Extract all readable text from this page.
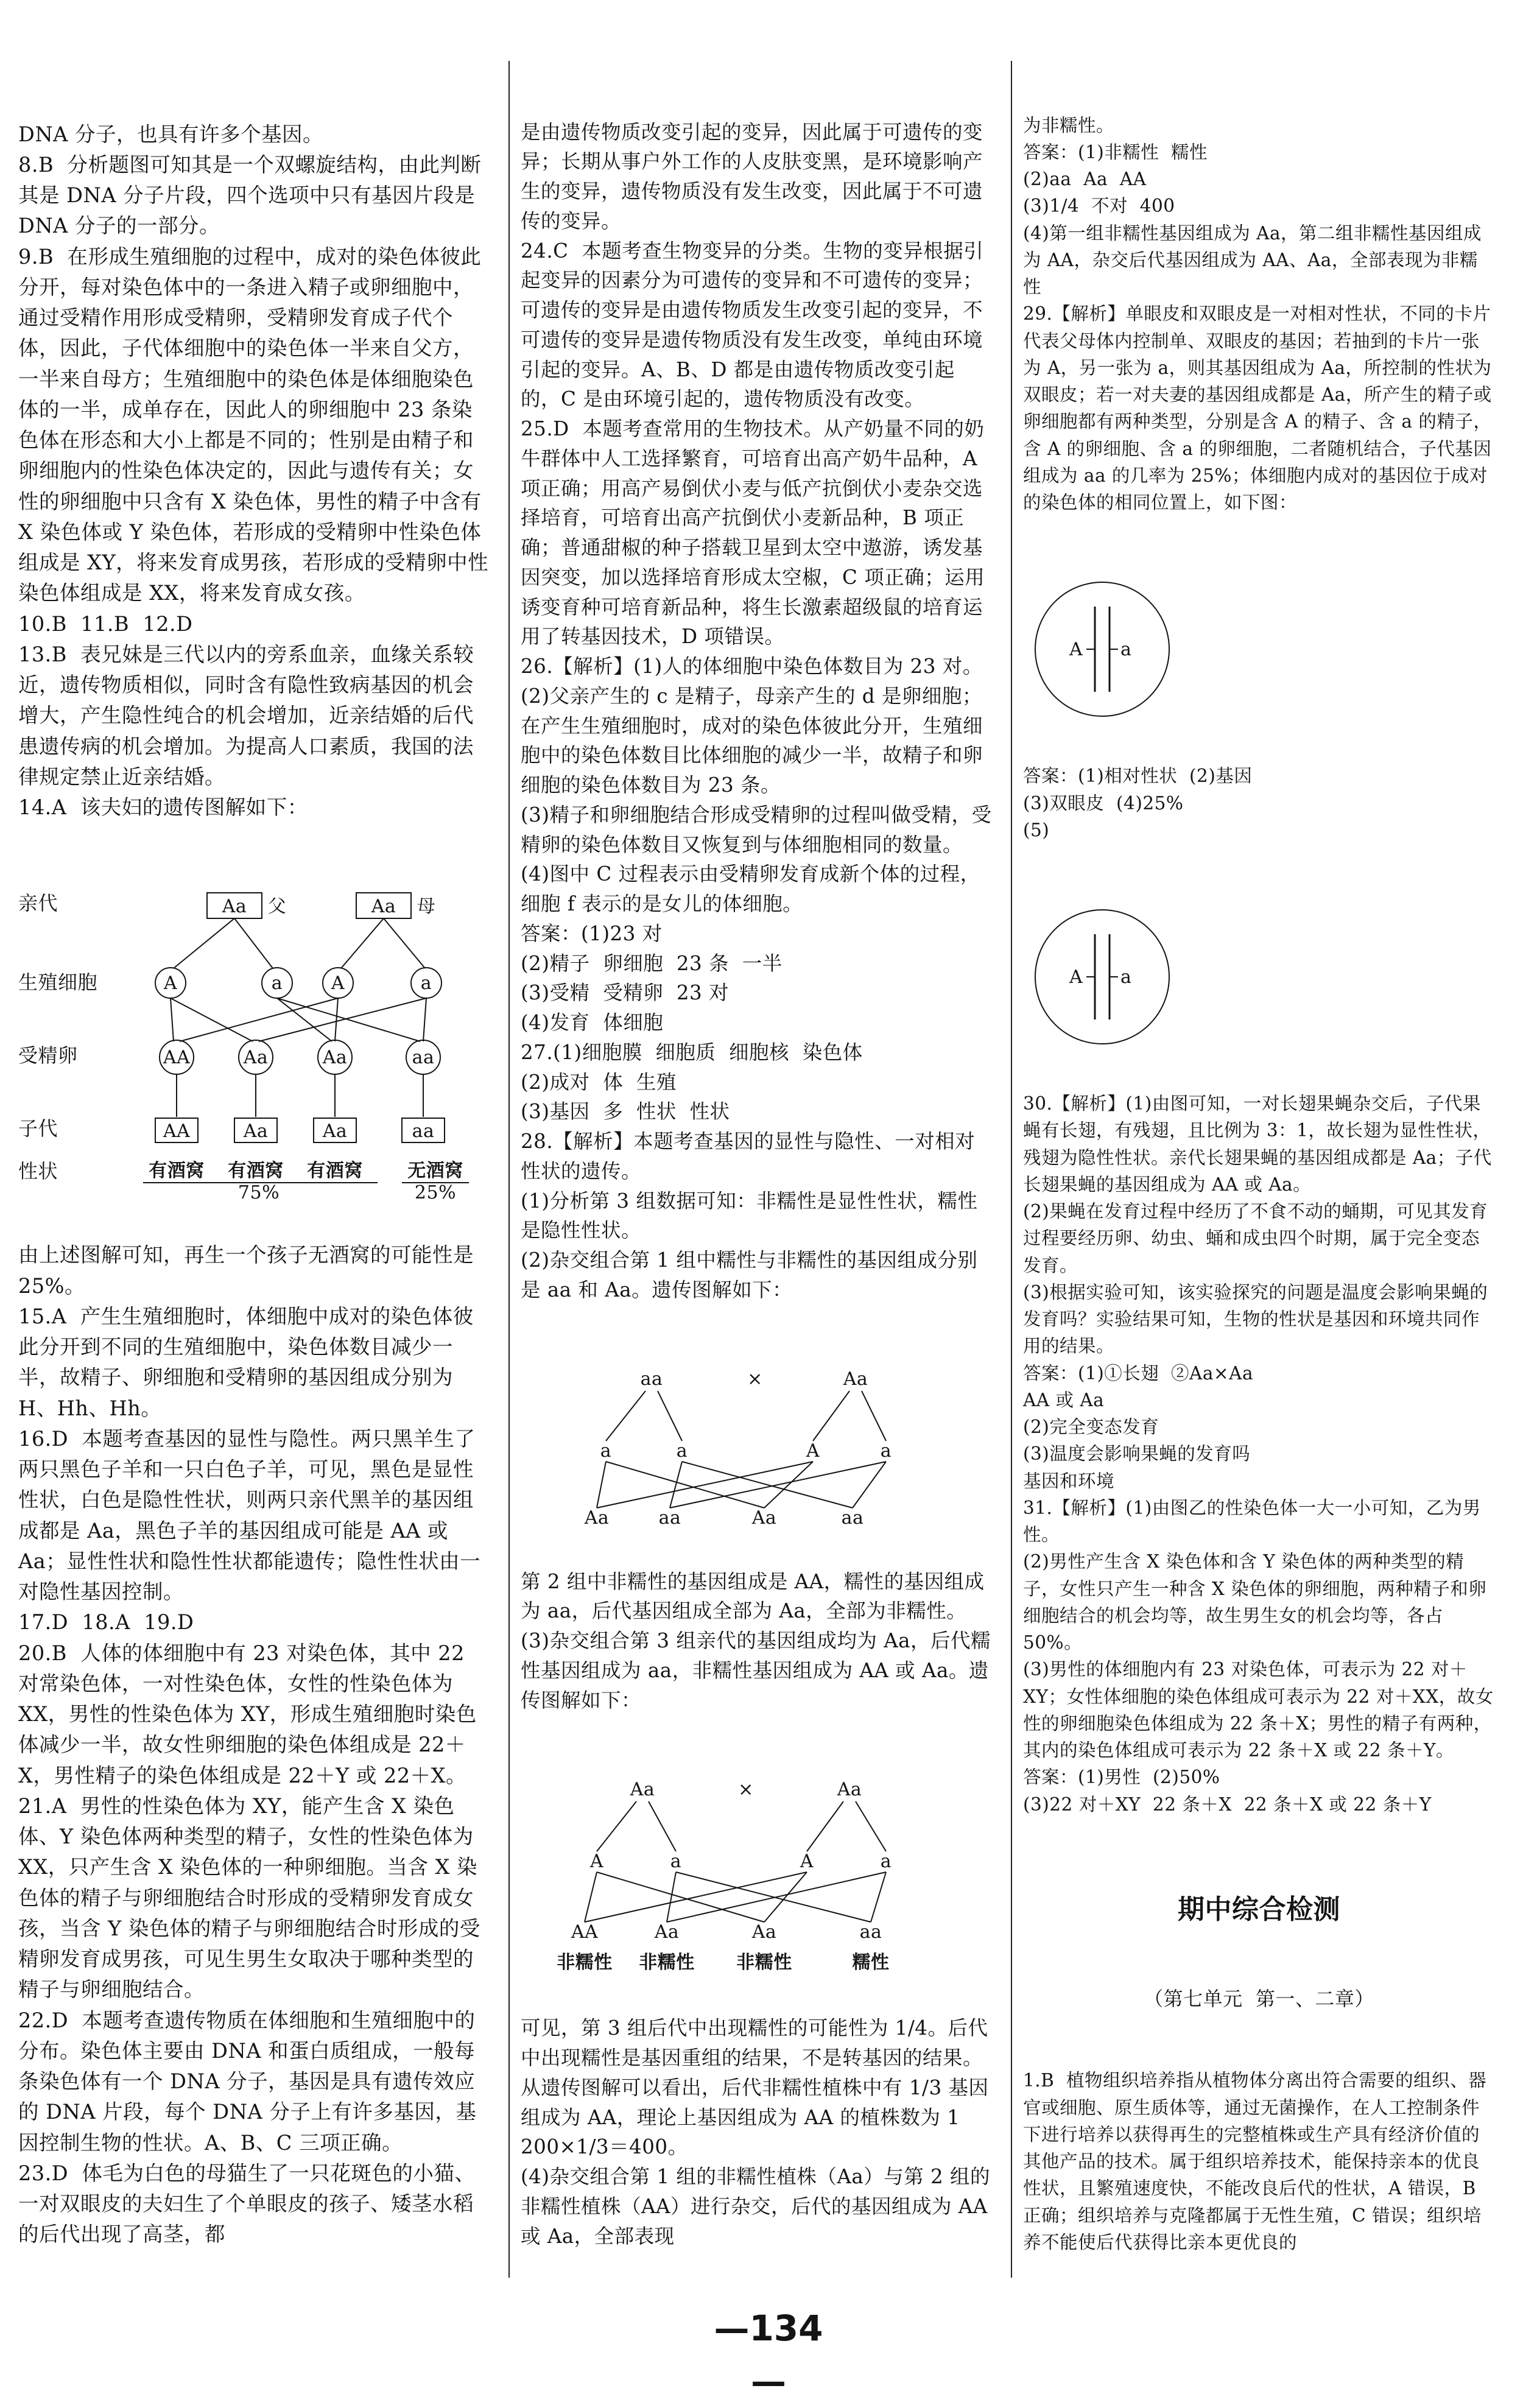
DNA 分子，也具有许多个基因。
8.B  分析题图可知其是一个双螺旋结构，由此判断其是 DNA 分子片段，四个选项中只有基因片段是 DNA 分子的一部分。
9.B  在形成生殖细胞的过程中，成对的染色体彼此分开，每对染色体中的一条进入精子或卵细胞中，通过受精作用形成受精卵，受精卵发育成子代个体，因此，子代体细胞中的染色体一半来自父方，一半来自母方；生殖细胞中的染色体是体细胞染色体的一半，成单存在，因此人的卵细胞中 23 条染色体在形态和大小上都是不同的；性别是由精子和卵细胞内的性染色体决定的，因此与遗传有关；女性的卵细胞中只含有 X 染色体，男性的精子中含有 X 染色体或 Y 染色体，若形成的受精卵中性染色体组成是 XY，将来发育成男孩，若形成的受精卵中性染色体组成是 XX，将来发育成女孩。
10.B  11.B  12.D
13.B  表兄妹是三代以内的旁系血亲，血缘关系较近，遗传物质相似，同时含有隐性致病基因的机会增大，产生隐性纯合的机会增加，近亲结婚的后代患遗传病的机会增加。为提高人口素质，我国的法律规定禁止近亲结婚。
14.A  该夫妇的遗传图解如下：

亲代
生殖细胞
受精卵
子代
性状
Aa 父	Aa 母
A	a	A	a
AA	Aa	Aa	aa
AA	Aa	Aa	aa
有酒窝 有酒窝 有酒窝 无酒窝
75%	25%

由上述图解可知，再生一个孩子无酒窝的可能性是 25%。
15.A  产生生殖细胞时，体细胞中成对的染色体彼此分开到不同的生殖细胞中，染色体数目减少一半，故精子、卵细胞和受精卵的基因组成分别为 H、Hh、Hh。
16.D  本题考查基因的显性与隐性。两只黑羊生了两只黑色子羊和一只白色子羊，可见，黑色是显性性状，白色是隐性性状，则两只亲代黑羊的基因组成都是 Aa，黑色子羊的基因组成可能是 AA 或 Aa；显性性状和隐性性状都能遗传；隐性性状由一对隐性基因控制。
17.D  18.A  19.D
20.B  人体的体细胞中有 23 对染色体，其中 22 对常染色体，一对性染色体，女性的性染色体为 XX，男性的性染色体为 XY，形成生殖细胞时染色体减少一半，故女性卵细胞的染色体组成是 22＋X，男性精子的染色体组成是 22＋Y 或 22＋X。
21.A  男性的性染色体为 XY，能产生含 X 染色体、Y 染色体两种类型的精子，女性的性染色体为 XX，只产生含 X 染色体的一种卵细胞。当含 X 染色体的精子与卵细胞结合时形成的受精卵发育成女孩，当含 Y 染色体的精子与卵细胞结合时形成的受精卵发育成男孩，可见生男生女取决于哪种类型的精子与卵细胞结合。
22.D  本题考查遗传物质在体细胞和生殖细胞中的分布。染色体主要由 DNA 和蛋白质组成，一般每条染色体有一个 DNA 分子，基因是具有遗传效应的 DNA 片段，每个 DNA 分子上有许多基因，基因控制生物的性状。A、B、C 三项正确。
23.D  体毛为白色的母猫生了一只花斑色的小猫、一对双眼皮的夫妇生了个单眼皮的孩子、矮茎水稻的后代出现了高茎，都

是由遗传物质改变引起的变异，因此属于可遗传的变异；长期从事户外工作的人皮肤变黑，是环境影响产生的变异，遗传物质没有发生改变，因此属于不可遗传的变异。
24.C  本题考查生物变异的分类。生物的变异根据引起变异的因素分为可遗传的变异和不可遗传的变异；可遗传的变异是由遗传物质发生改变引起的变异，不可遗传的变异是遗传物质没有发生改变，单纯由环境引起的变异。A、B、D 都是由遗传物质改变引起的，C 是由环境引起的，遗传物质没有改变。
25.D  本题考查常用的生物技术。从产奶量不同的奶牛群体中人工选择繁育，可培育出高产奶牛品种，A 项正确；用高产易倒伏小麦与低产抗倒伏小麦杂交选择培育，可培育出高产抗倒伏小麦新品种，B 项正确；普通甜椒的种子搭载卫星到太空中遨游，诱发基因突变，加以选择培育形成太空椒，C 项正确；运用诱变育种可培育新品种，将生长激素超级鼠的培育运用了转基因技术，D 项错误。
26.【解析】(1)人的体细胞中染色体数目为 23 对。
(2)父亲产生的 c 是精子，母亲产生的 d 是卵细胞；在产生生殖细胞时，成对的染色体彼此分开，生殖细胞中的染色体数目比体细胞的减少一半，故精子和卵细胞的染色体数目为 23 条。
(3)精子和卵细胞结合形成受精卵的过程叫做受精，受精卵的染色体数目又恢复到与体细胞相同的数量。
(4)图中 C 过程表示由受精卵发育成新个体的过程，细胞 f 表示的是女儿的体细胞。
答案：(1)23 对
(2)精子  卵细胞  23 条  一半
(3)受精  受精卵  23 对
(4)发育  体细胞
27.(1)细胞膜  细胞质  细胞核  染色体
(2)成对  体  生殖
(3)基因  多  性状  性状
28.【解析】本题考查基因的显性与隐性、一对相对性状的遗传。
(1)分析第 3 组数据可知：非糯性是显性性状，糯性是隐性性状。
(2)杂交组合第 1 组中糯性与非糯性的基因组成分别是 aa 和 Aa。遗传图解如下：

aa	×	Aa
a	a	A	a
Aa	aa	Aa	aa

第 2 组中非糯性的基因组成是 AA，糯性的基因组成为 aa，后代基因组成全部为 Aa，全部为非糯性。
(3)杂交组合第 3 组亲代的基因组成均为 Aa，后代糯性基因组成为 aa，非糯性基因组成为 AA 或 Aa。遗传图解如下：

Aa	×	Aa
A	a	A	a
AA	Aa	Aa	aa
非糯性 非糯性 非糯性	糯性

可见，第 3 组后代中出现糯性的可能性为 1/4。后代中出现糯性是基因重组的结果，不是转基因的结果。从遗传图解可以看出，后代非糯性植株中有 1/3 基因组成为 AA，理论上基因组成为 AA 的植株数为 1 200×1/3＝400。
(4)杂交组合第 1 组的非糯性植株（Aa）与第 2 组的非糯性植株（AA）进行杂交，后代的基因组成为 AA 或 Aa，全部表现

为非糯性。
答案：(1)非糯性  糯性
(2)aa  Aa  AA
(3)1/4  不对  400
(4)第一组非糯性基因组成为 Aa，第二组非糯性基因组成为 AA，杂交后代基因组成为 AA、Aa，全部表现为非糯性
29.【解析】单眼皮和双眼皮是一对相对性状，不同的卡片代表父母体内控制单、双眼皮的基因；若抽到的卡片一张为 A，另一张为 a，则其基因组成为 Aa，所控制的性状为双眼皮；若一对夫妻的基因组成都是 Aa，所产生的精子或卵细胞都有两种类型，分别是含 A 的精子、含 a 的精子，含 A 的卵细胞、含 a 的卵细胞，二者随机结合，子代基因组成为 aa 的几率为 25%；体细胞内成对的基因位于成对的染色体的相同位置上，如下图：

A a

答案：(1)相对性状  (2)基因
(3)双眼皮  (4)25%
(5)

A a

30.【解析】(1)由图可知，一对长翅果蝇杂交后，子代果蝇有长翅，有残翅，且比例为 3：1，故长翅为显性性状，残翅为隐性性状。亲代长翅果蝇的基因组成都是 Aa；子代长翅果蝇的基因组成为 AA 或 Aa。
(2)果蝇在发育过程中经历了不食不动的蛹期，可见其发育过程要经历卵、幼虫、蛹和成虫四个时期，属于完全变态发育。
(3)根据实验可知，该实验探究的问题是温度会影响果蝇的发育吗？实验结果可知，生物的性状是基因和环境共同作用的结果。
答案：(1)①长翅  ②Aa×Aa
AA 或 Aa
(2)完全变态发育
(3)温度会影响果蝇的发育吗
基因和环境
31.【解析】(1)由图乙的性染色体一大一小可知，乙为男性。
(2)男性产生含 X 染色体和含 Y 染色体的两种类型的精子，女性只产生一种含 X 染色体的卵细胞，两种精子和卵细胞结合的机会均等，故生男生女的机会均等，各占 50%。
(3)男性的体细胞内有 23 对染色体，可表示为 22 对＋XY；女性体细胞的染色体组成可表示为 22 对＋XX，故女性的卵细胞染色体组成为 22 条＋X；男性的精子有两种，其内的染色体组成可表示为 22 条＋X 或 22 条＋Y。
答案：(1)男性  (2)50%
(3)22 对＋XY  22 条＋X  22 条＋X 或 22 条＋Y

期中综合检测

（第七单元  第一、二章）

1.B  植物组织培养指从植物体分离出符合需要的组织、器官或细胞、原生质体等，通过无菌操作，在人工控制条件下进行培养以获得再生的完整植株或生产具有经济价值的其他产品的技术。属于组织培养技术，能保持亲本的优良性状，且繁殖速度快，不能改良后代的性状，A 错误，B 正确；组织培养与克隆都属于无性生殖，C 错误；组织培养不能使后代获得比亲本更优良的

—134—
